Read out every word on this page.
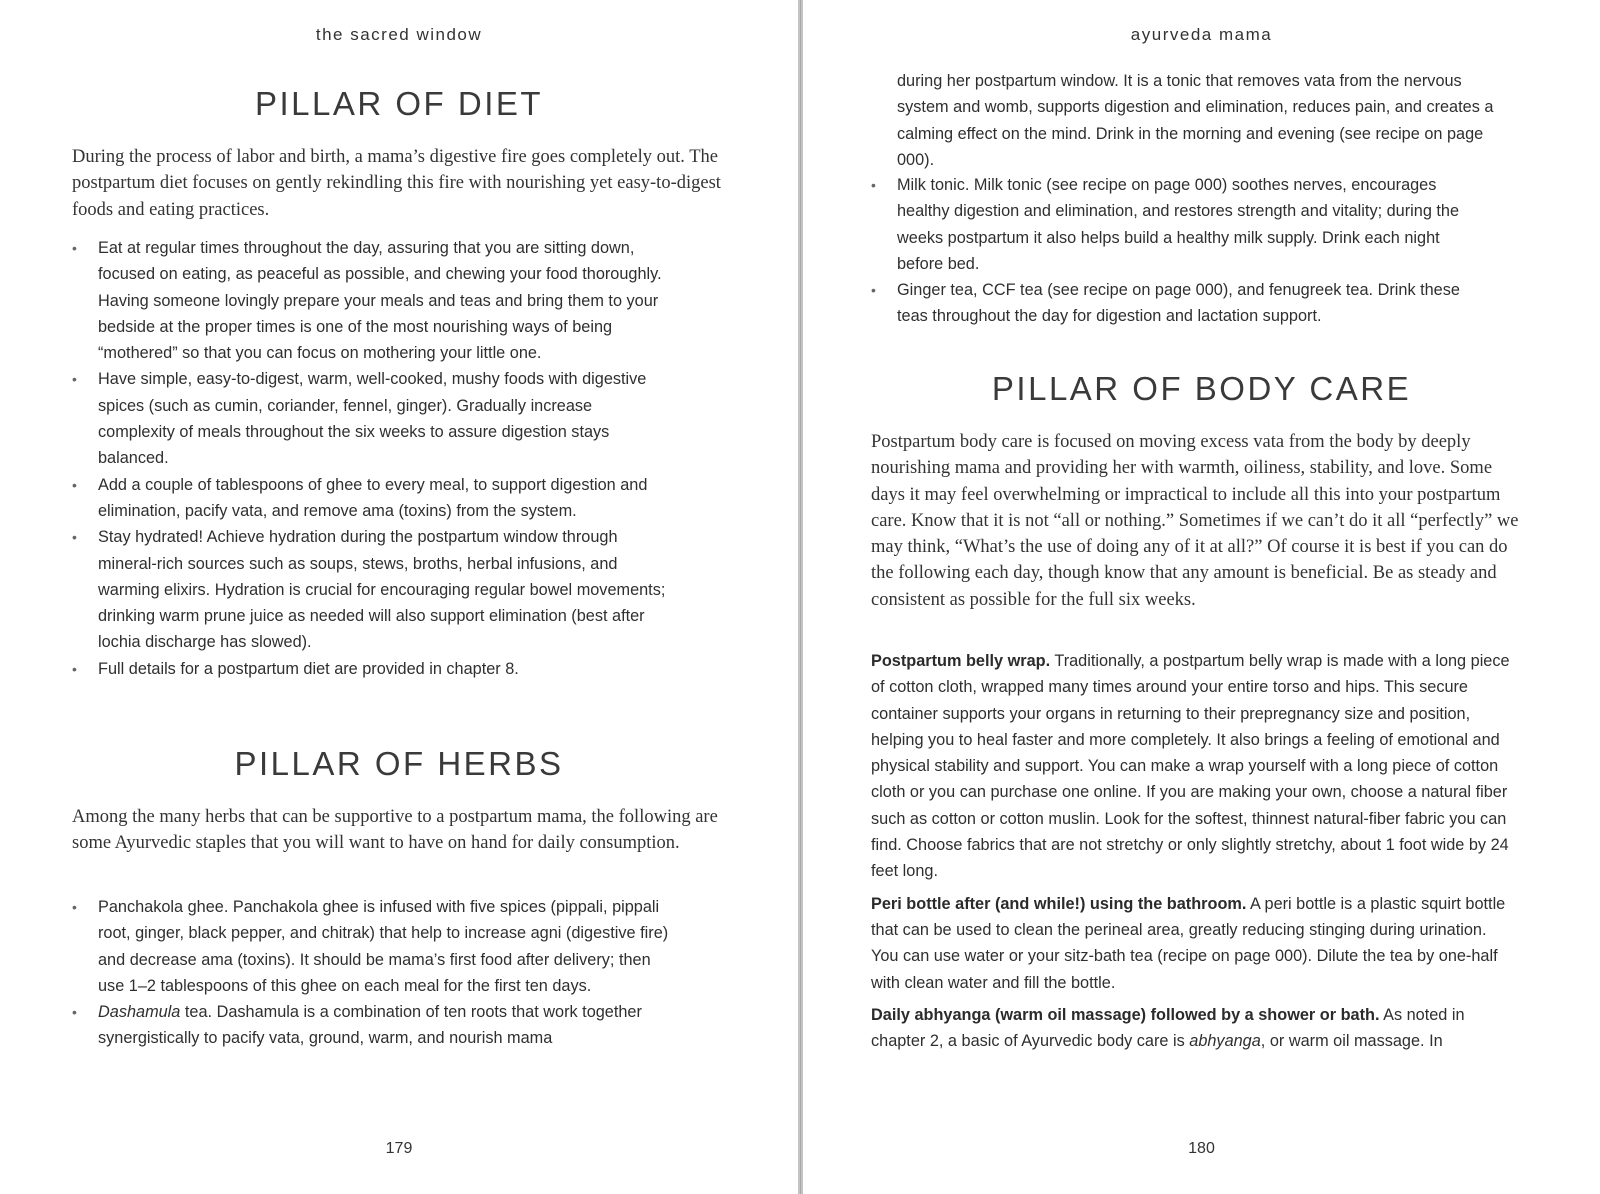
the sacred window
PILLAR OF DIET

During the process of labor and birth, a mama’s digestive fire goes completely out. The postpartum diet focuses on gently rekindling this fire with nourishing yet easy-to-digest foods and eating practices.

• Eat at regular times throughout the day, assuring that you are sitting down, focused on eating, as peaceful as possible, and chewing your food thoroughly. Having someone lovingly prepare your meals and teas and bring them to your bedside at the proper times is one of the most nourishing ways of being “mothered” so that you can focus on mothering your little one.
• Have simple, easy-to-digest, warm, well-cooked, mushy foods with digestive spices (such as cumin, coriander, fennel, ginger). Gradually increase complexity of meals throughout the six weeks to assure digestion stays balanced.
• Add a couple of tablespoons of ghee to every meal, to support digestion and elimination, pacify vata, and remove ama (toxins) from the system.
• Stay hydrated! Achieve hydration during the postpartum window through mineral-rich sources such as soups, stews, broths, herbal infusions, and warming elixirs. Hydration is crucial for encouraging regular bowel movements; drinking warm prune juice as needed will also support elimination (best after lochia discharge has slowed).
• Full details for a postpartum diet are provided in chapter 8.
PILLAR OF HERBS

Among the many herbs that can be supportive to a postpartum mama, the following are some Ayurvedic staples that you will want to have on hand for daily consumption.

• Panchakola ghee. Panchakola ghee is infused with five spices (pippali, pippali root, ginger, black pepper, and chitrak) that help to increase agni (digestive fire) and decrease ama (toxins). It should be mama’s first food after delivery; then use 1–2 tablespoons of this ghee on each meal for the first ten days.
• Dashamula tea. Dashamula is a combination of ten roots that work together synergistically to pacify vata, ground, warm, and nourish mama
179
ayurveda mama
during her postpartum window. It is a tonic that removes vata from the nervous system and womb, supports digestion and elimination, reduces pain, and creates a calming effect on the mind. Drink in the morning and evening (see recipe on page 000).
• Milk tonic. Milk tonic (see recipe on page 000) soothes nerves, encourages healthy digestion and elimination, and restores strength and vitality; during the weeks postpartum it also helps build a healthy milk supply. Drink each night before bed.
• Ginger tea, CCF tea (see recipe on page 000), and fenugreek tea. Drink these teas throughout the day for digestion and lactation support.
PILLAR OF BODY CARE

Postpartum body care is focused on moving excess vata from the body by deeply nourishing mama and providing her with warmth, oiliness, stability, and love. Some days it may feel overwhelming or impractical to include all this into your postpartum care. Know that it is not “all or nothing.” Sometimes if we can’t do it all “perfectly” we may think, “What’s the use of doing any of it at all?” Of course it is best if you can do the following each day, though know that any amount is beneficial. Be as steady and consistent as possible for the full six weeks.

Postpartum belly wrap. Traditionally, a postpartum belly wrap is made with a long piece of cotton cloth, wrapped many times around your entire torso and hips. This secure container supports your organs in returning to their prepregnancy size and position, helping you to heal faster and more completely. It also brings a feeling of emotional and physical stability and support. You can make a wrap yourself with a long piece of cotton cloth or you can purchase one online. If you are making your own, choose a natural fiber such as cotton or cotton muslin. Look for the softest, thinnest natural-fiber fabric you can find. Choose fabrics that are not stretchy or only slightly stretchy, about 1 foot wide by 24 feet long.

Peri bottle after (and while!) using the bathroom. A peri bottle is a plastic squirt bottle that can be used to clean the perineal area, greatly reducing stinging during urination. You can use water or your sitz-bath tea (recipe on page 000). Dilute the tea by one-half with clean water and fill the bottle.

Daily abhyanga (warm oil massage) followed by a shower or bath. As noted in chapter 2, a basic of Ayurvedic body care is abhyanga, or warm oil massage. In

180
